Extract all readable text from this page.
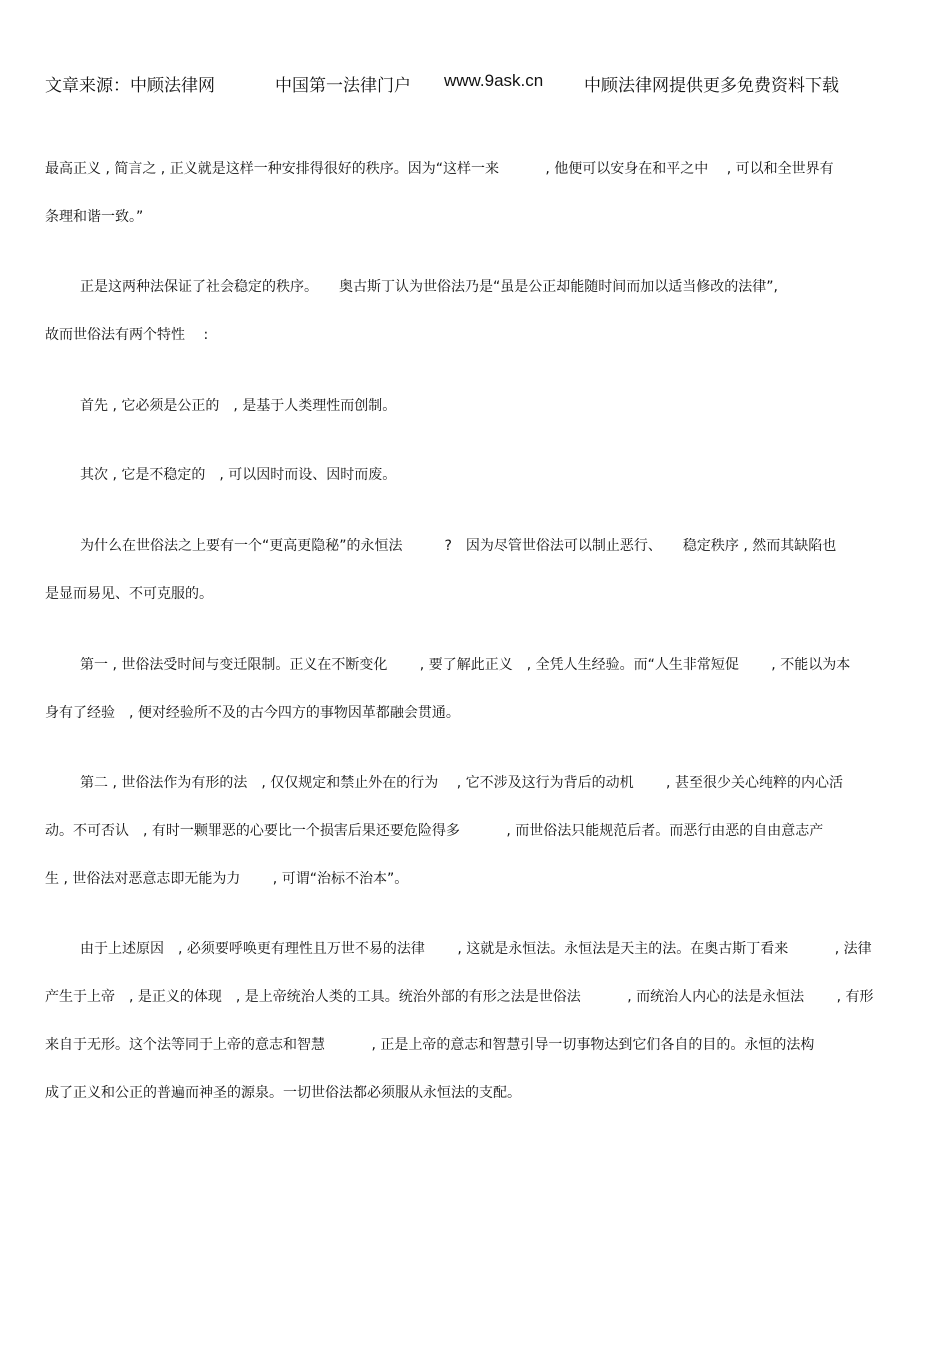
文章来源：中顾法律网	中国第一法律门户 www.9ask.cn 中顾法律网提供更多免费资料下载
最高正义 , 简言之 , 正义就是这样一种安排得很好的秩序。因为“这样一来　　　 , 他便可以安身在和平之中　 , 可以和全世界有
条理和谐一致。”
正是这两种法保证了社会稳定的秩序。　　奥古斯丁认为世俗法乃是“虽是公正却能随时间而加以适当修改的法律”,
故而世俗法有两个特性　 :
首先 , 它必须是公正的　, 是基于人类理性而创制。
其次 , 它是不稳定的　, 可以因时而设、因时而废。
为什么在世俗法之上要有一个“更高更隐秘”的永恒法　　　?　因为尽管世俗法可以制止恶行、　　稳定秩序 , 然而其缺陷也
是显而易见、不可克服的。
第一 , 世俗法受时间与变迁限制。正义在不断变化　　 , 要了解此正义　, 全凭人生经验。而“人生非常短促　　 , 不能以为本
身有了经验　, 便对经验所不及的古今四方的事物因革都融会贯通。
第二 , 世俗法作为有形的法　, 仅仅规定和禁止外在的行为　 , 它不涉及这行为背后的动机　　 , 甚至很少关心纯粹的内心活
动。不可否认　, 有时一颗罪恶的心要比一个损害后果还要危险得多　　　 , 而世俗法只能规范后者。而恶行由恶的自由意志产
生 , 世俗法对恶意志即无能为力　　 , 可谓“治标不治本”。
由于上述原因　, 必须要呼唤更有理性且万世不易的法律　　 , 这就是永恒法。永恒法是天主的法。在奥古斯丁看来　　　 , 法律
产生于上帝　, 是正义的体现　, 是上帝统治人类的工具。统治外部的有形之法是世俗法　　　 , 而统治人内心的法是永恒法　　 , 有形
来自于无形。这个法等同于上帝的意志和智慧　　　 , 正是上帝的意志和智慧引导一切事物达到它们各自的目的。永恒的法构
成了正义和公正的普遍而神圣的源泉。一切世俗法都必须服从永恒法的支配。
